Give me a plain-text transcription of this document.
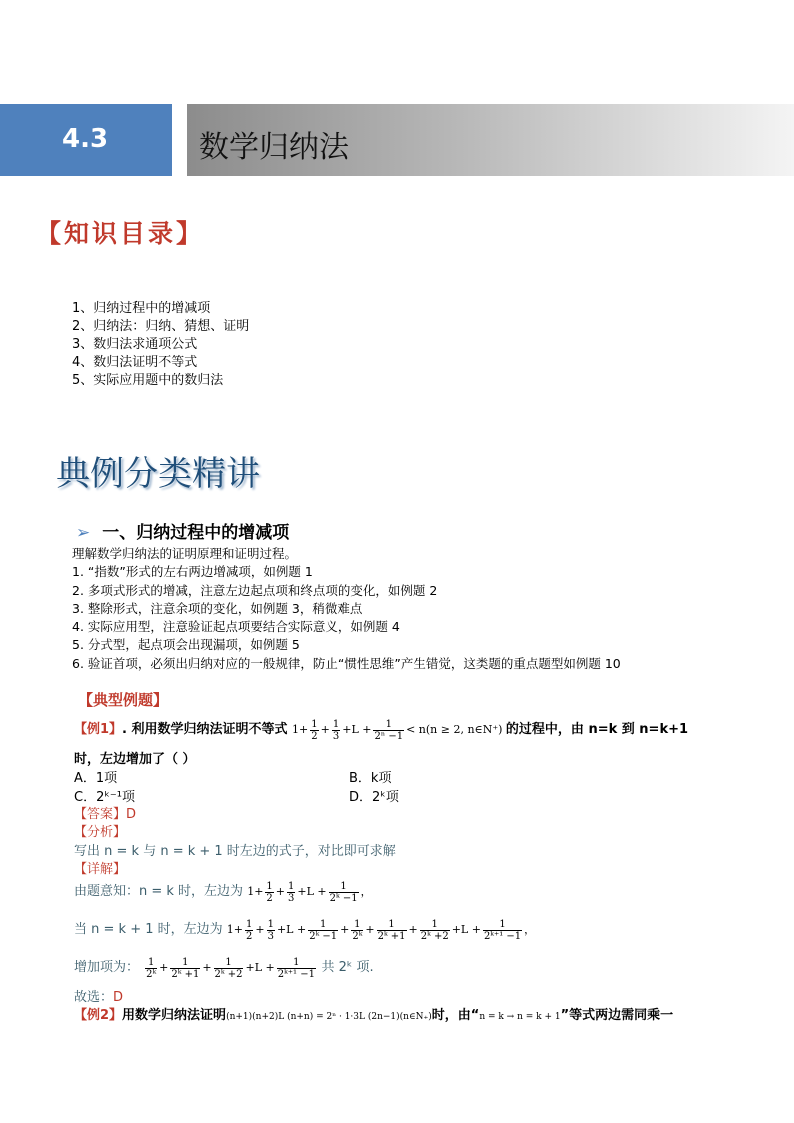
4.3	数学归纳法
【知识目录】
1、归纳过程中的增减项
2、归纳法：归纳、猜想、证明
3、数归法求通项公式
4、数归法证明不等式
5、实际应用题中的数归法
典例分类精讲
➢ 一、归纳过程中的增减项
理解数学归纳法的证明原理和证明过程。
1. “指数”形式的左右两边增减项，如例题 1
2. 多项式形式的增减，注意左边起点项和终点项的变化，如例题 2
3. 整除形式，注意余项的变化，如例题 3，稍微难点
4. 实际应用型，注意验证起点项要结合实际意义，如例题 4
5. 分式型，起点项会出现漏项，如例题 5
6. 验证首项，必须出归纳对应的一般规律，防止“惯性思维”产生错觉，这类题的重点题型如例题 10
【典型例题】
【例1】. 利用数学归纳法证明不等式 $1+ \frac{1}{2} + \frac{1}{3} +L + \frac{1}{\text{2ⁿ −1}} < n(n \ge 2$, n∈N⁺) 的过程中，由 n=k 到 n=k+1
时，左边增加了（ ）
A．1项	B．k项
C．2ᵏ⁻¹项	D．2ᵏ项
【答案】D
【分析】
写出 n = k 与 n = k + 1 时左边的式子，对比即可求解
【详解】
由题意知：n = k 时，左边为 $1+ \frac{1}{2} + \frac{1}{3} +L + \frac{1}{\text{2ᵏ −1}}$ ，
当 n = k + 1 时，左边为 $1+ \frac{1}{2} + \frac{1}{3} +L + \frac{1}{\text{2ᵏ −1}} + \frac{1}{\text{2ᵏ}} + \frac{1}{\text{2ᵏ +1}} + \frac{1}{\text{2ᵏ +2}} +L + \frac{1}{\text{2ᵏ⁺¹ −1}}$ ，
增加项为： $\frac{1}{\text{2ᵏ}} + \frac{1}{\text{2ᵏ +1}} + \frac{1}{\text{2ᵏ +2}} +L + \frac{1}{\text{2ᵏ⁺¹ −1}}$ 共 2ᵏ 项.
故选：D
【例2】用数学归纳法证明(n+1)(n+2)L (n+n) = 2ⁿ · 1·3L (2n−1)(n∈N₊)时，由“n = k → n = k + 1”等式两边需同乘一
